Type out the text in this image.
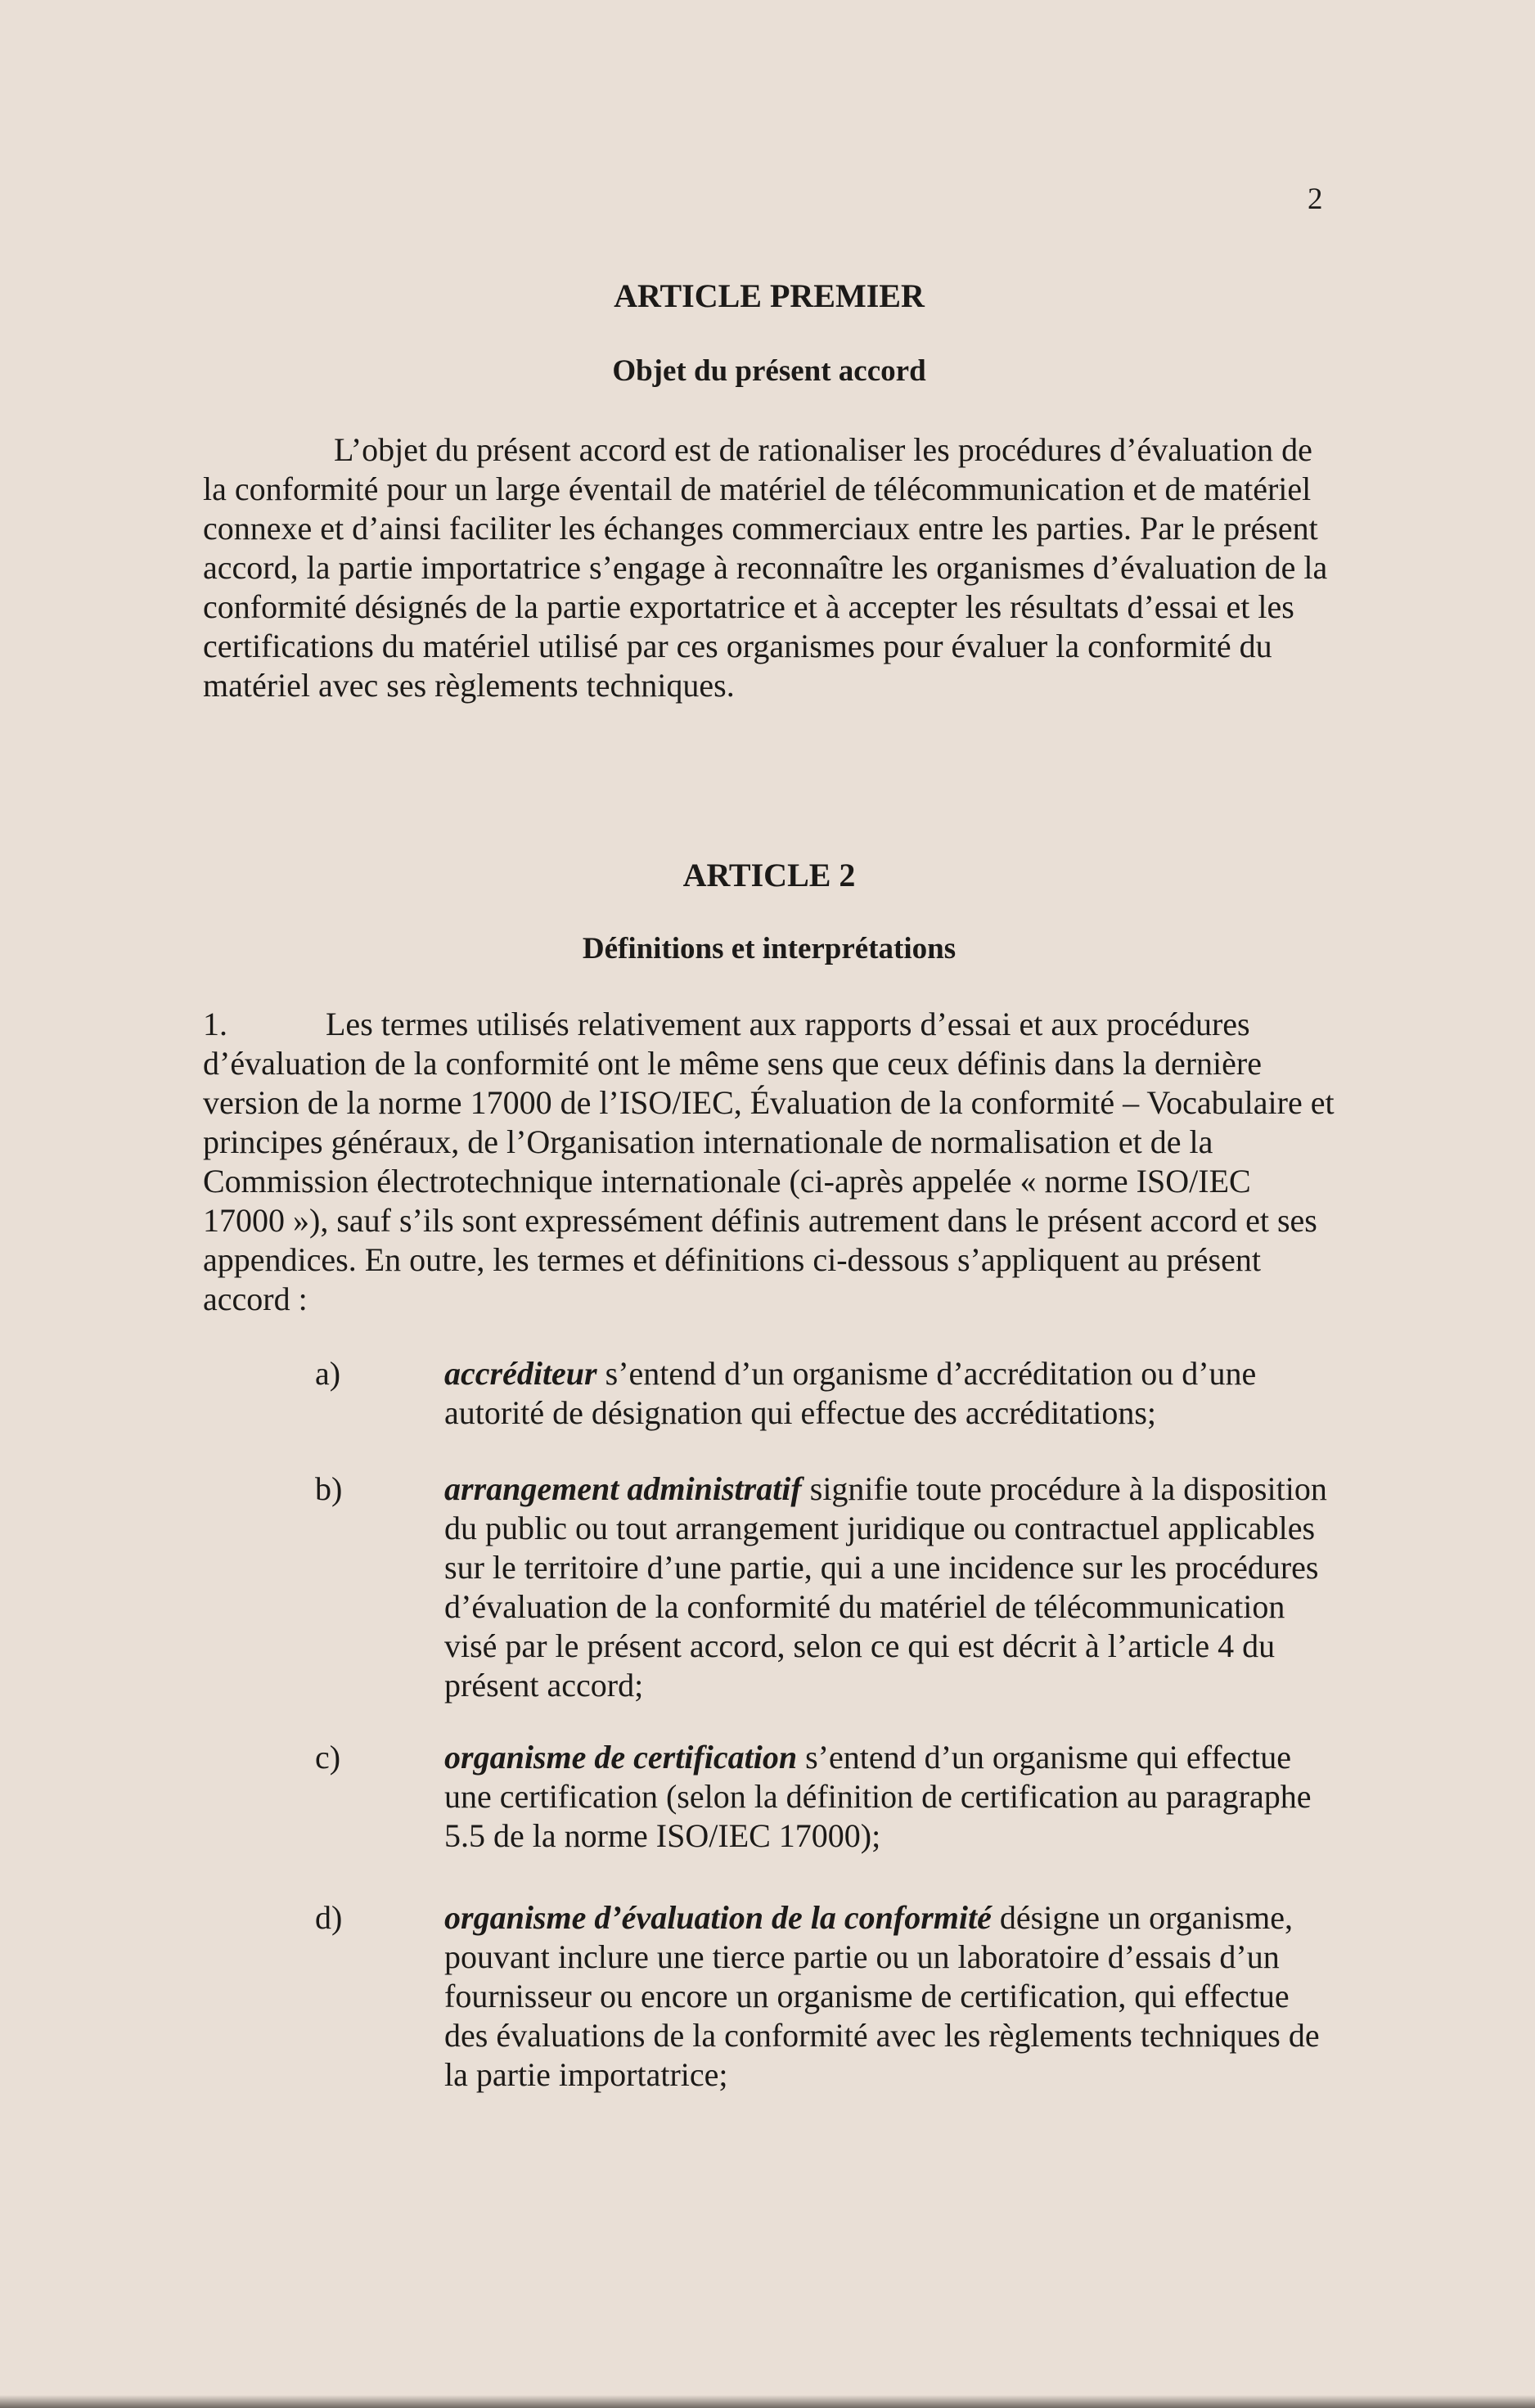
2
ARTICLE PREMIER
Objet du présent accord
L’objet du présent accord est de rationaliser les procédures d’évaluation de la conformité pour un large éventail de matériel de télécommunication et de matériel connexe et d’ainsi faciliter les échanges commerciaux entre les parties. Par le présent accord, la partie importatrice s’engage à reconnaître les organismes d’évaluation de la conformité désignés de la partie exportatrice et à accepter les résultats d’essai et les certifications du matériel utilisé par ces organismes pour évaluer la conformité du matériel avec ses règlements techniques.
ARTICLE 2
Définitions et interprétations
1.	Les termes utilisés relativement aux rapports d’essai et aux procédures d’évaluation de la conformité ont le même sens que ceux définis dans la dernière version de la norme 17000 de l’ISO/IEC, Évaluation de la conformité – Vocabulaire et principes généraux, de l’Organisation internationale de normalisation et de la Commission électrotechnique internationale (ci-après appelée « norme ISO/IEC 17000 »), sauf s’ils sont expressément définis autrement dans le présent accord et ses appendices. En outre, les termes et définitions ci-dessous s’appliquent au présent accord :
a)	accréditeur s’entend d’un organisme d’accréditation ou d’une autorité de désignation qui effectue des accréditations;
b)	arrangement administratif signifie toute procédure à la disposition du public ou tout arrangement juridique ou contractuel applicables sur le territoire d’une partie, qui a une incidence sur les procédures d’évaluation de la conformité du matériel de télécommunication visé par le présent accord, selon ce qui est décrit à l’article 4 du présent accord;
c)	organisme de certification s’entend d’un organisme qui effectue une certification (selon la définition de certification au paragraphe 5.5 de la norme ISO/IEC 17000);
d)	organisme d’évaluation de la conformité désigne un organisme, pouvant inclure une tierce partie ou un laboratoire d’essais d’un fournisseur ou encore un organisme de certification, qui effectue des évaluations de la conformité avec les règlements techniques de la partie importatrice;
